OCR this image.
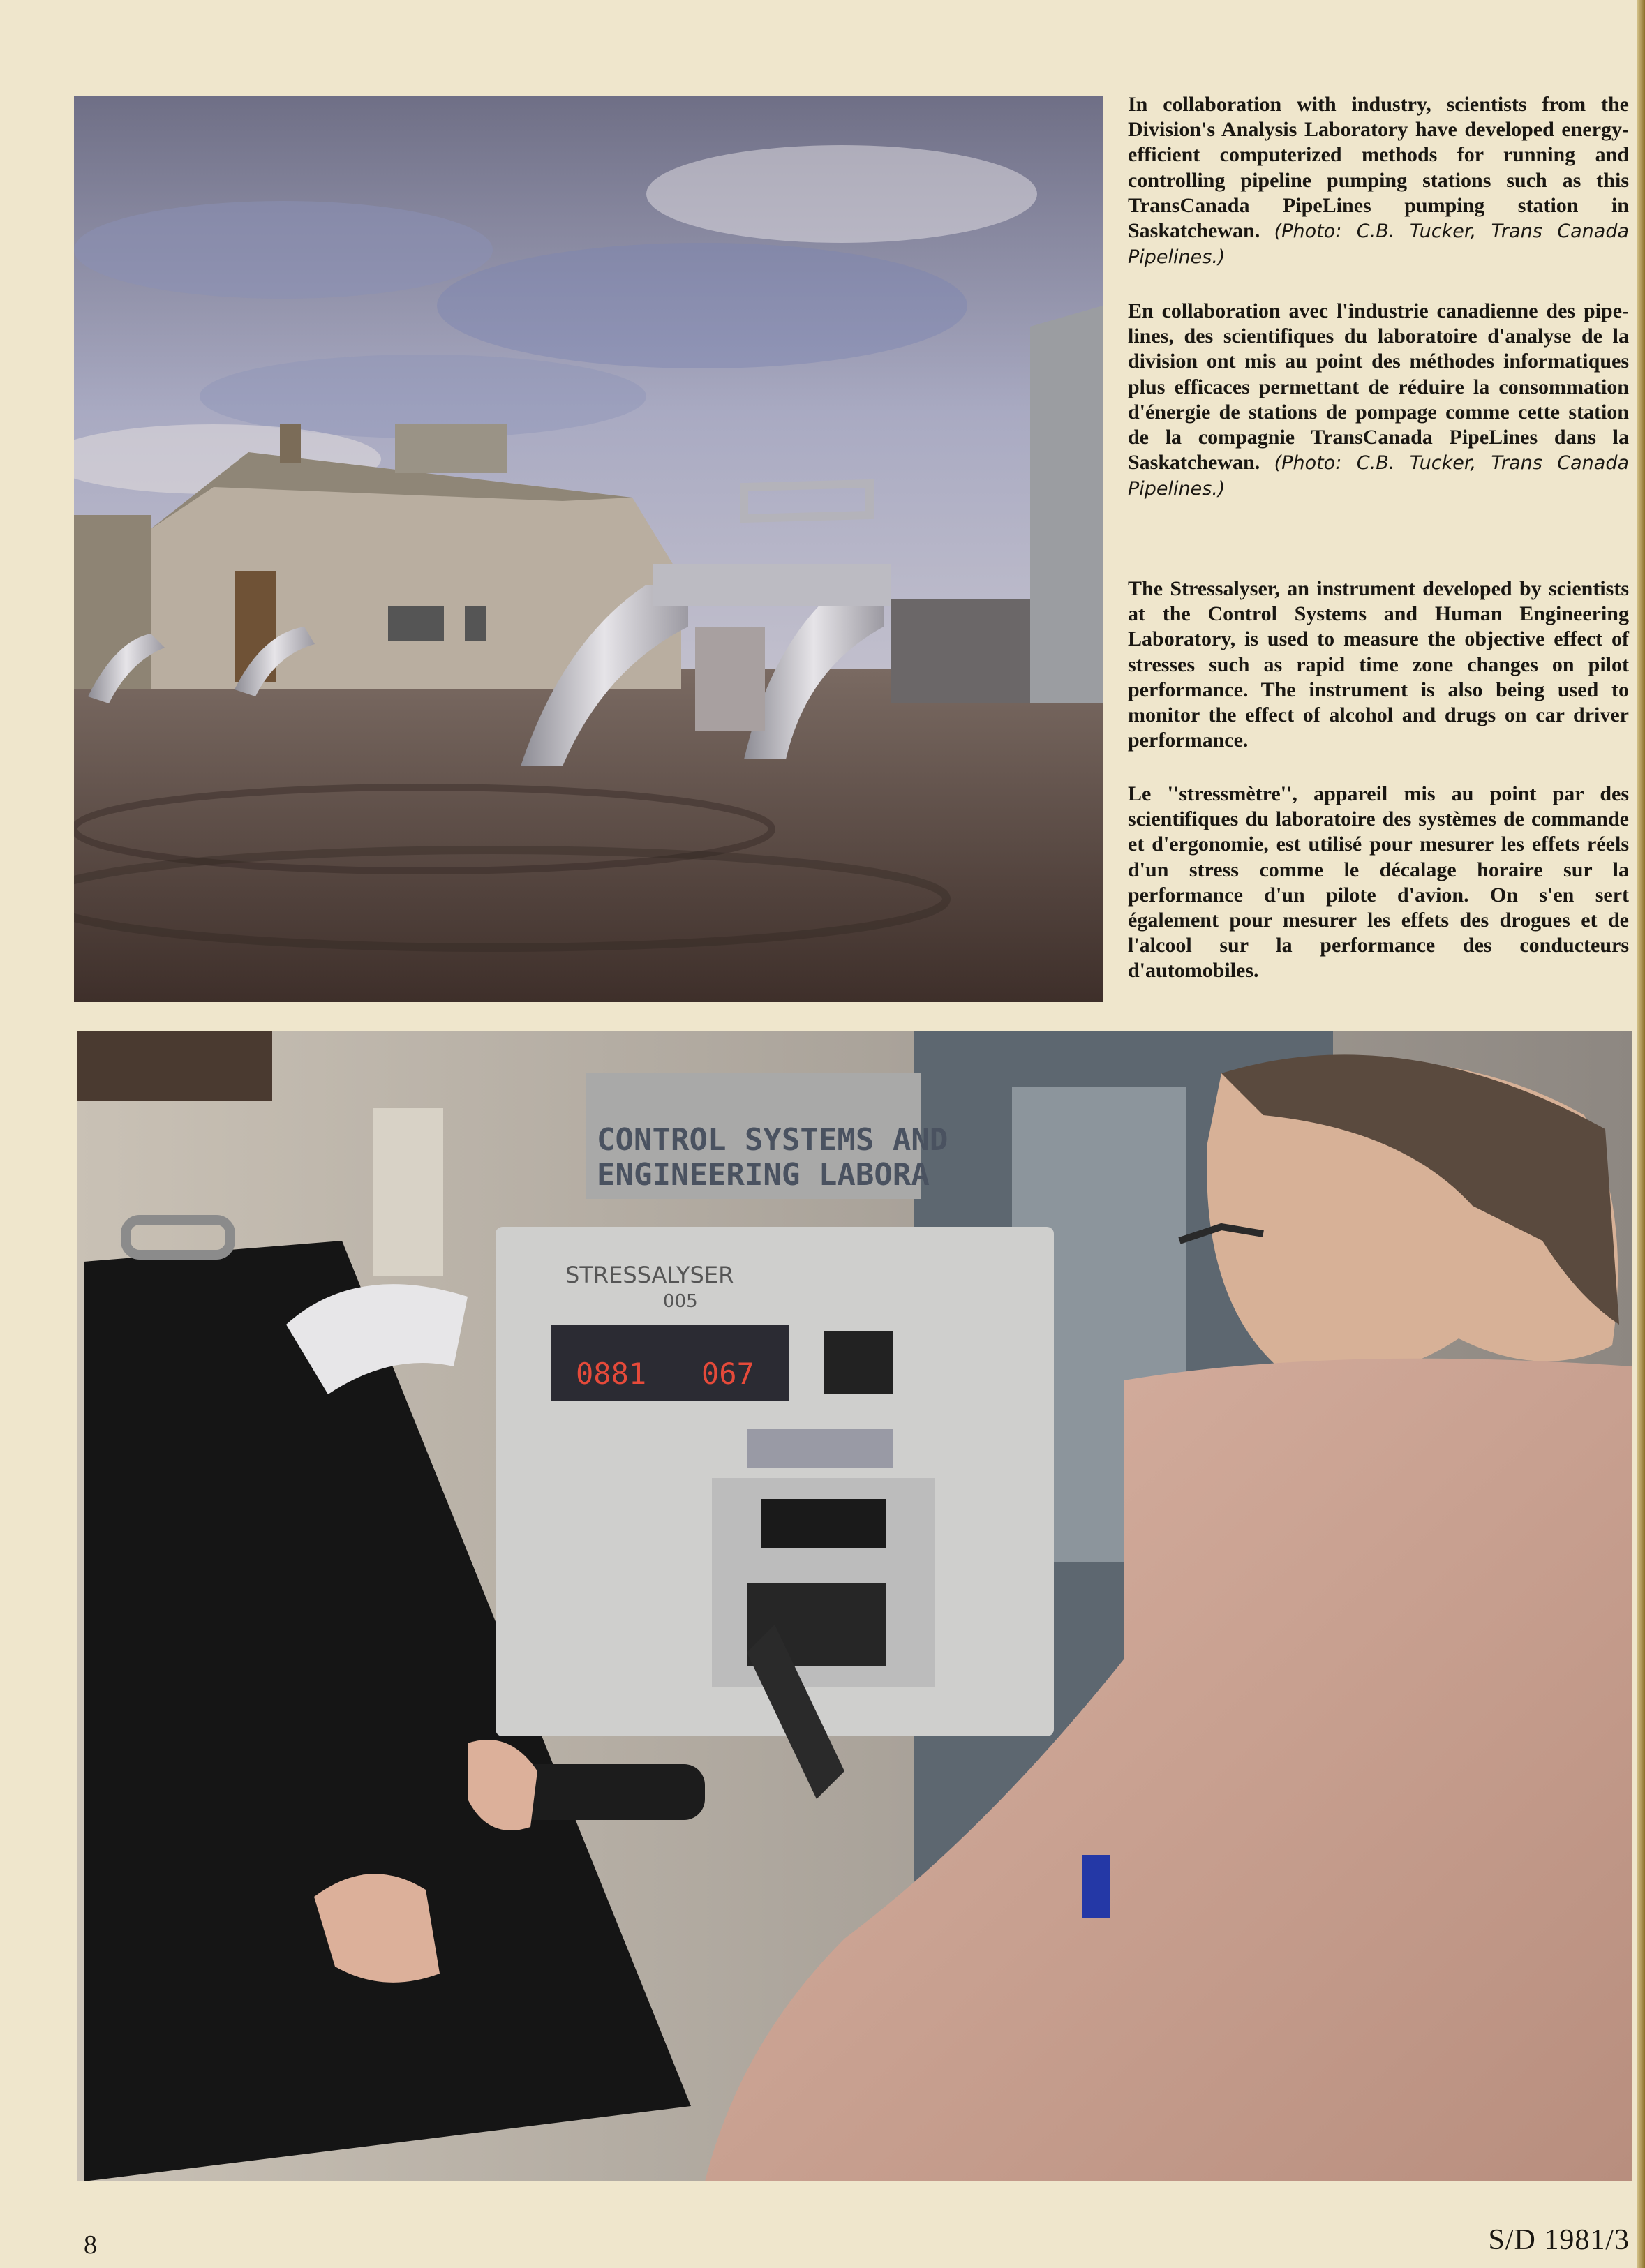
In collaboration with industry, scientists from the Division's Analysis Laboratory have developed energy-efficient computerized methods for running and controlling pipeline pumping stations such as this TransCanada PipeLines pumping station in Saskatchewan. (Photo: C.B. Tucker, Trans Canada Pipelines.)

En collaboration avec l'industrie canadienne des pipe-lines, des scientifiques du laboratoire d'analyse de la division ont mis au point des méthodes informatiques plus efficaces permettant de réduire la consommation d'énergie de stations de pompage comme cette station de la compagnie TransCanada PipeLines dans la Saskatchewan. (Photo: C.B. Tucker, Trans Canada Pipelines.)

The Stressalyser, an instrument developed by scientists at the Control Systems and Human Engineering Laboratory, is used to measure the objective effect of stresses such as rapid time zone changes on pilot performance. The instrument is also being used to monitor the effect of alcohol and drugs on car driver performance.

Le ''stressmètre'', appareil mis au point par des scientifiques du laboratoire des systèmes de commande et d'ergonomie, est utilisé pour mesurer les effets réels d'un stress comme le décalage horaire sur la performance d'un pilote d'avion. On s'en sert également pour mesurer les effets des drogues et de l'alcool sur la performance des conducteurs d'automobiles.

CONTROL SYSTEMS AND
ENGINEERING LABORA
STRESSALYSER
005
0881 067
8	S/D 1981/3
